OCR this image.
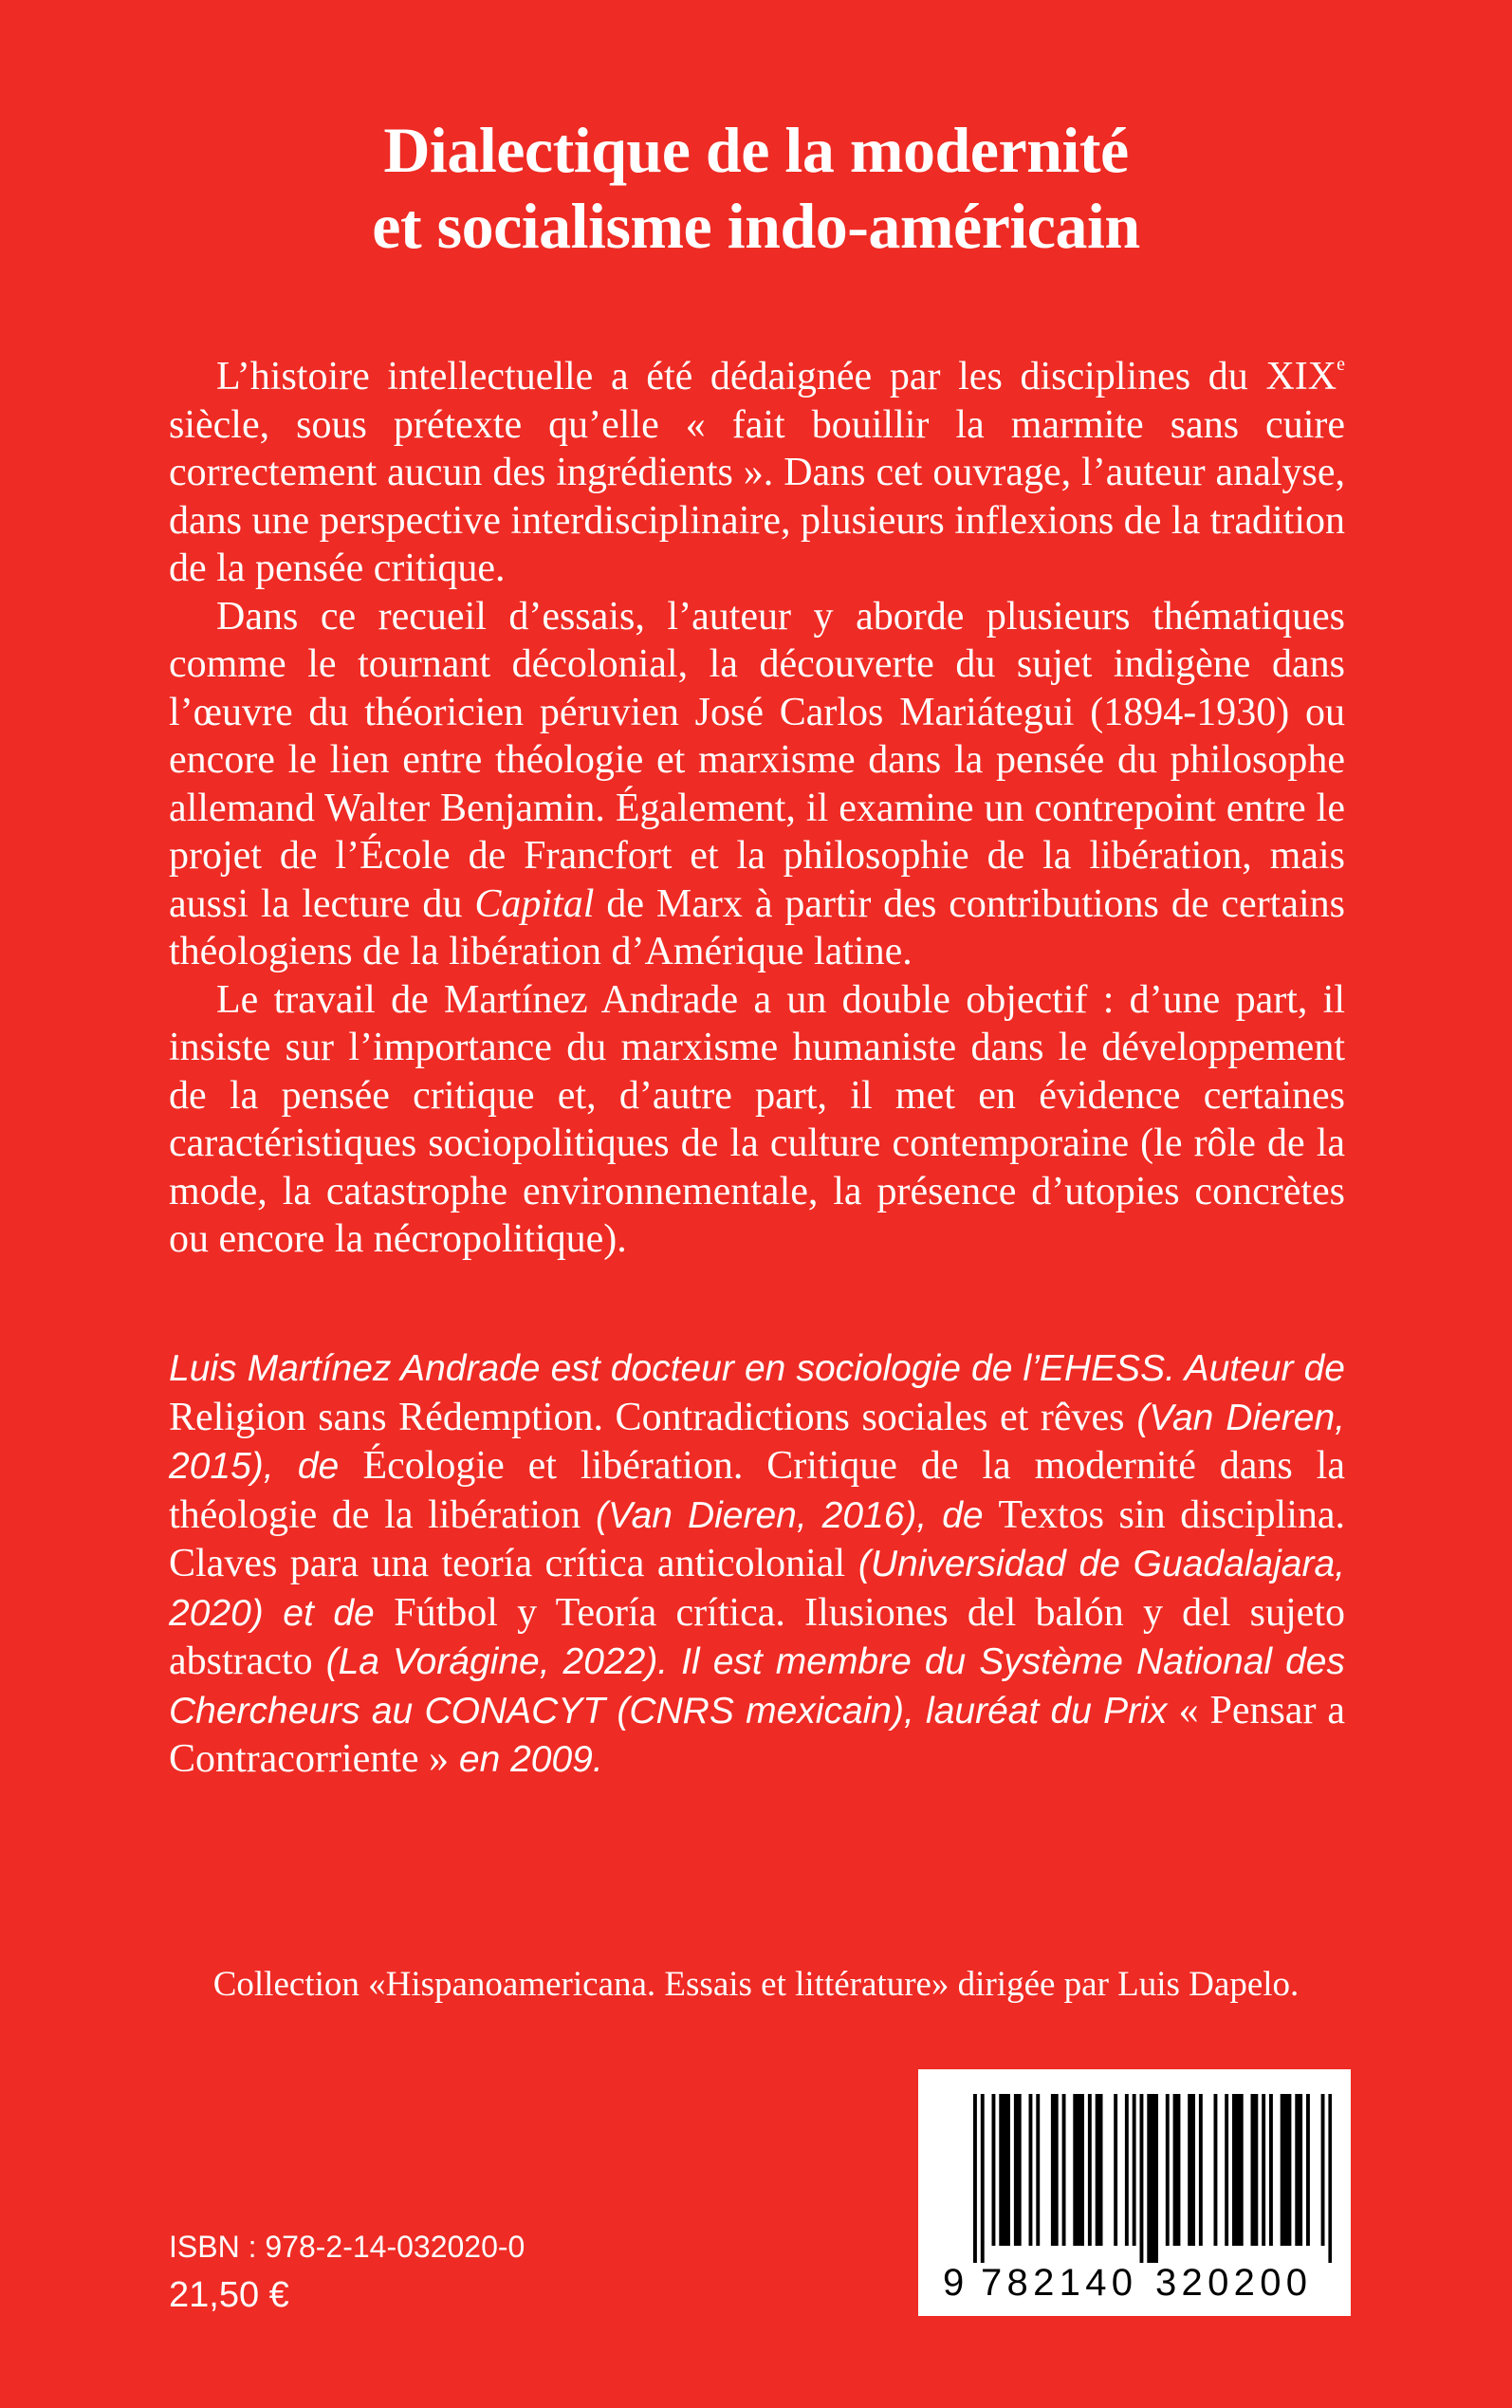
Dialectique de la modernité
et socialisme indo-américain

L’histoire intellectuelle a été dédaignée par les disciplines du XIXe siècle, sous prétexte qu’elle « fait bouillir la marmite sans cuire correctement aucun des ingrédients ». Dans cet ouvrage, l’auteur analyse, dans une perspective interdisciplinaire, plusieurs inflexions de la tradition de la pensée critique.

Dans ce recueil d’essais, l’auteur y aborde plusieurs thématiques comme le tournant décolonial, la découverte du sujet indigène dans l’œuvre du théoricien péruvien José Carlos Mariátegui (1894-1930) ou encore le lien entre théologie et marxisme dans la pensée du philosophe allemand Walter Benjamin. Également, il examine un contrepoint entre le projet de l’École de Francfort et la philosophie de la libération, mais aussi la lecture du Capital de Marx à partir des contributions de certains théologiens de la libération d’Amérique latine.

Le travail de Martínez Andrade a un double objectif : d’une part, il insiste sur l’importance du marxisme humaniste dans le développement de la pensée critique et, d’autre part, il met en évidence certaines caractéristiques sociopolitiques de la culture contemporaine (le rôle de la mode, la catastrophe environnementale, la présence d’utopies concrètes ou encore la nécropolitique).

Luis Martínez Andrade est docteur en sociologie de l’EHESS. Auteur de Religion sans Rédemption. Contradictions sociales et rêves (Van Dieren, 2015), de Écologie et libération. Critique de la modernité dans la théologie de la libération (Van Dieren, 2016), de Textos sin disciplina. Claves para una teoría crítica anticolonial (Universidad de Guadalajara, 2020) et de Fútbol y Teoría crítica. Ilusiones del balón y del sujeto abstracto (La Vorágine, 2022). Il est membre du Système National des Chercheurs au CONACYT (CNRS mexicain), lauréat du Prix « Pensar a Contracorriente » en 2009.

Collection «Hispanoamericana. Essais et littérature» dirigée par Luis Dapelo.
9 782140 320200
ISBN : 978-2-14-032020-0
21,50 €
